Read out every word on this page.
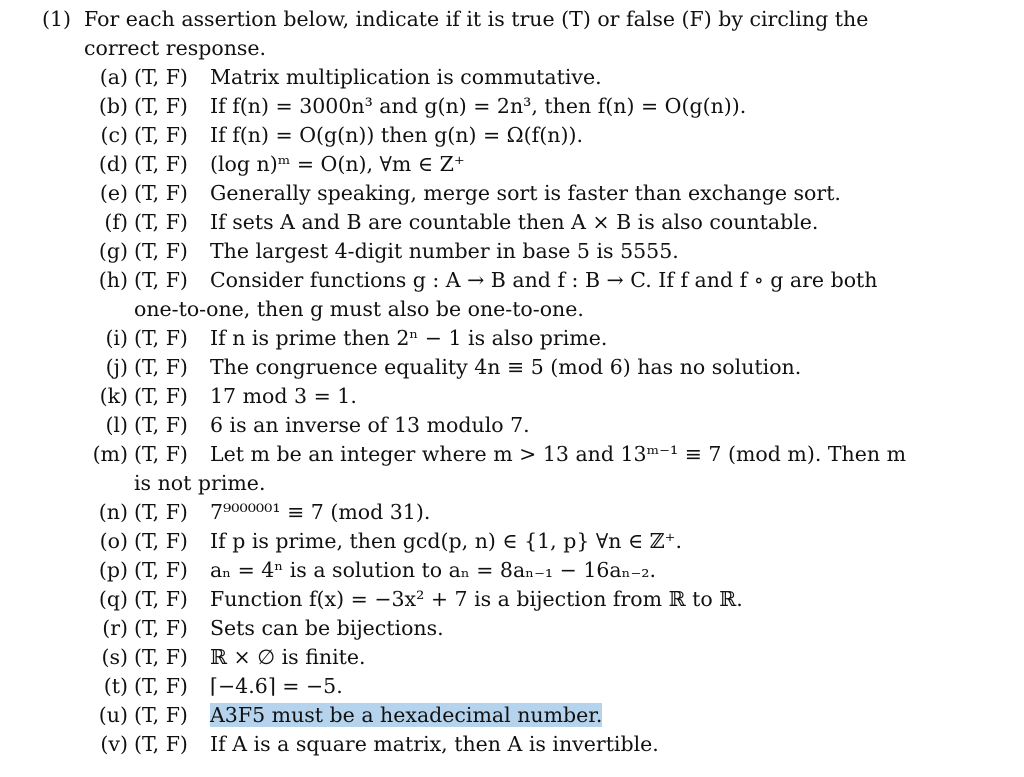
(1) For each assertion below, indicate if it is true (T) or false (F) by circling the
correct response.
(a) (T, F) Matrix multiplication is commutative.
(b) (T, F) If f(n) = 3000n³ and g(n) = 2n³, then f(n) = O(g(n)).
(c) (T, F) If f(n) = O(g(n)) then g(n) = Ω(f(n)).
(d) (T, F) (log n)ᵐ = O(n), ∀m ∈ Z⁺
(e) (T, F) Generally speaking, merge sort is faster than exchange sort.
(f) (T, F) If sets A and B are countable then A × B is also countable.
(g) (T, F) The largest 4-digit number in base 5 is 5555.
(h) (T, F) Consider functions g : A → B and f : B → C. If f and f ∘ g are both
one-to-one, then g must also be one-to-one.
(i) (T, F) If n is prime then 2ⁿ − 1 is also prime.
(j) (T, F) The congruence equality 4n ≡ 5 (mod 6) has no solution.
(k) (T, F) 17 mod 3 = 1.
(l) (T, F) 6 is an inverse of 13 modulo 7.
(m) (T, F) Let m be an integer where m > 13 and 13ᵐ⁻¹ ≡ 7 (mod m). Then m
is not prime.
(n) (T, F) 7⁹⁰⁰⁰⁰⁰¹ ≡ 7 (mod 31).
(o) (T, F) If p is prime, then gcd(p, n) ∈ {1, p} ∀n ∈ ℤ⁺.
(p) (T, F) aₙ = 4ⁿ is a solution to aₙ = 8aₙ₋₁ − 16aₙ₋₂.
(q) (T, F) Function f(x) = −3x² + 7 is a bijection from ℝ to ℝ.
(r) (T, F) Sets can be bijections.
(s) (T, F) ℝ × ∅ is finite.
(t) (T, F) ⌈−4.6⌉ = −5.
(u) (T, F) A3F5 must be a hexadecimal number.
(v) (T, F) If A is a square matrix, then A is invertible.
